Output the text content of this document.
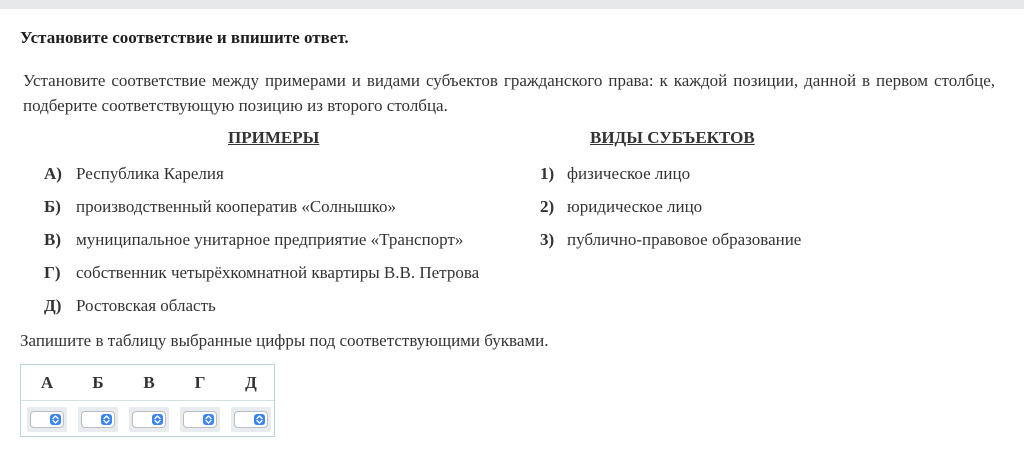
Установите соответствие и впишите ответ.
Установите соответствие между примерами и видами субъектов гражданского права: к каждой позиции, данной в первом столбце, подберите соответствующую позицию из второго столбца.
ПРИМЕРЫ	ВИДЫ СУБЪЕКТОВ
А) Республика Карелия
Б) производственный кооператив «Солнышко»
В) муниципальное унитарное предприятие «Транспорт»
Г) собственник четырёхкомнатной квартиры В.В. Петрова
Д) Ростовская область
1) физическое лицо
2) юридическое лицо
3) публично-правовое образование
Запишите в таблицу выбранные цифры под соответствующими буквами.
А	Б	В	Г	Д
